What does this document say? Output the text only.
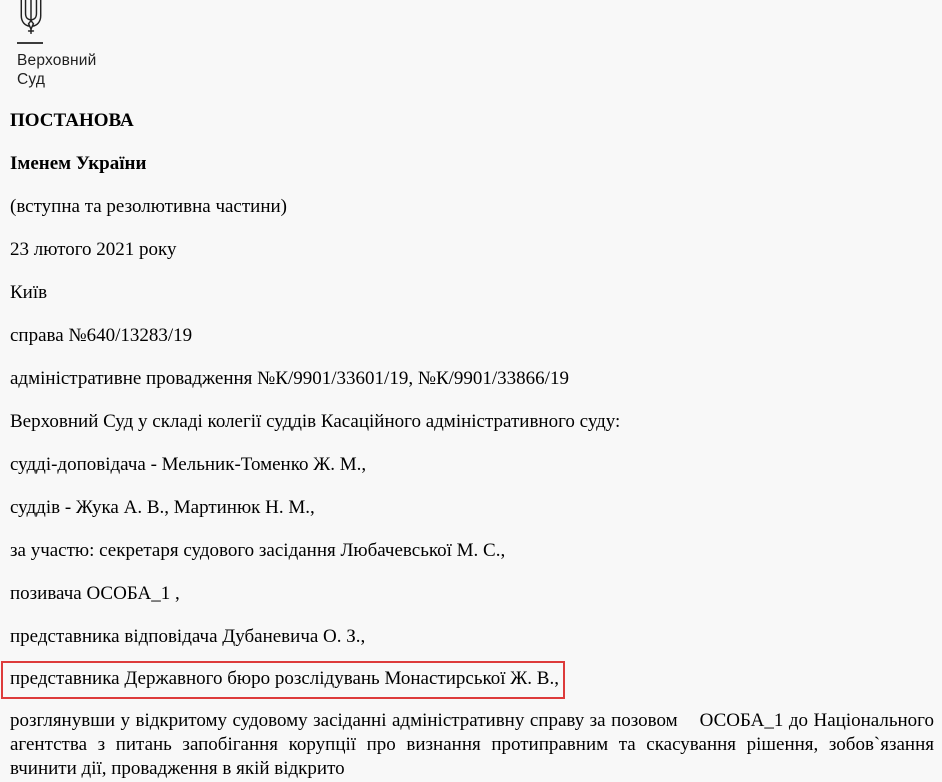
Верховний
Суд

ПОСТАНОВА

Іменем України

(вступна та резолютивна частини)

23 лютого 2021 року

Київ

справа №640/13283/19

адміністративне провадження №К/9901/33601/19, №К/9901/33866/19

Верховний Суд у складі колегії суддів Касаційного адміністративного суду:

судді-доповідача - Мельник-Томенко Ж. М.,

суддів - Жука А. В., Мартинюк Н. М.,

за участю: секретаря судового засідання Любачевської М. С.,

позивача ОСОБА_1 ,

представника відповідача Дубаневича О. З.,

представника Державного бюро розслідувань Монастирської Ж. В.,

розглянувши у відкритому судовому засіданні адміністративну справу за позовом    ОСОБА_1 до Національного агентства з питань запобігання корупції про визнання протиправним та скасування рішення, зобов`язання вчинити дії, провадження в якій відкрито
